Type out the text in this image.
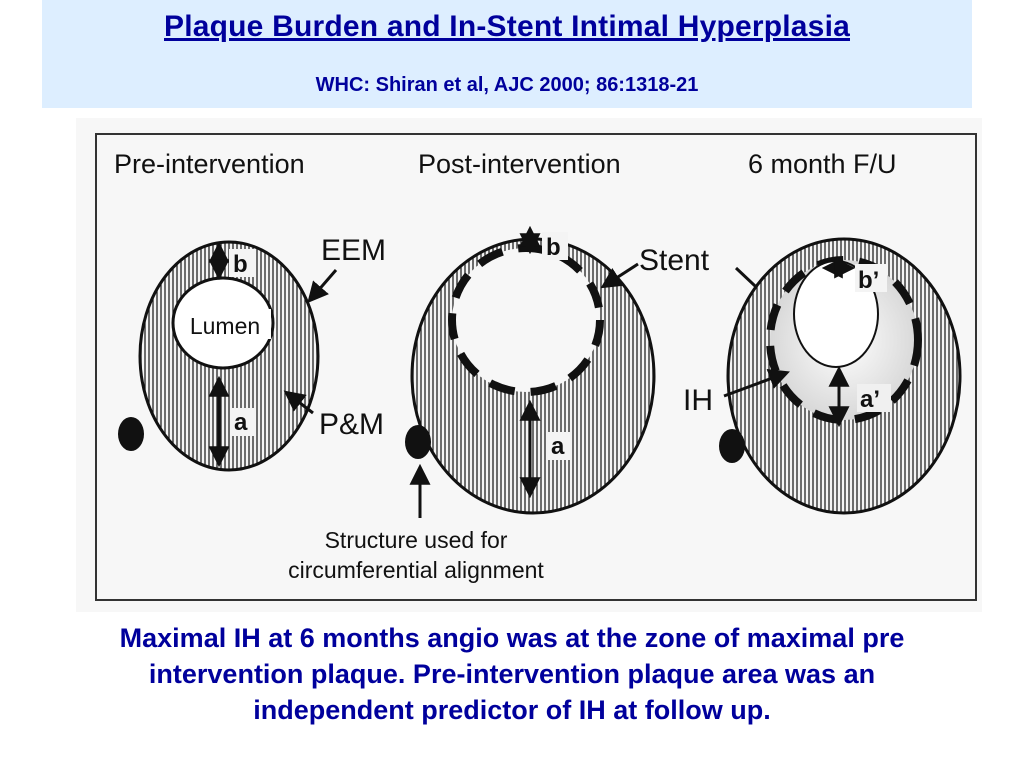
Plaque Burden and In-Stent Intimal Hyperplasia
WHC: Shiran et al, AJC 2000; 86:1318-21
Pre-intervention	Post-intervention	6 month F/U
Lumen
b
a
EEM
P&M
b
a
Stent
Structure used for
circumferential alignment
b’
a’
IH
Maximal IH at 6 months angio was at the zone of maximal pre
intervention plaque. Pre-intervention plaque area was an
independent predictor of IH at follow up.
